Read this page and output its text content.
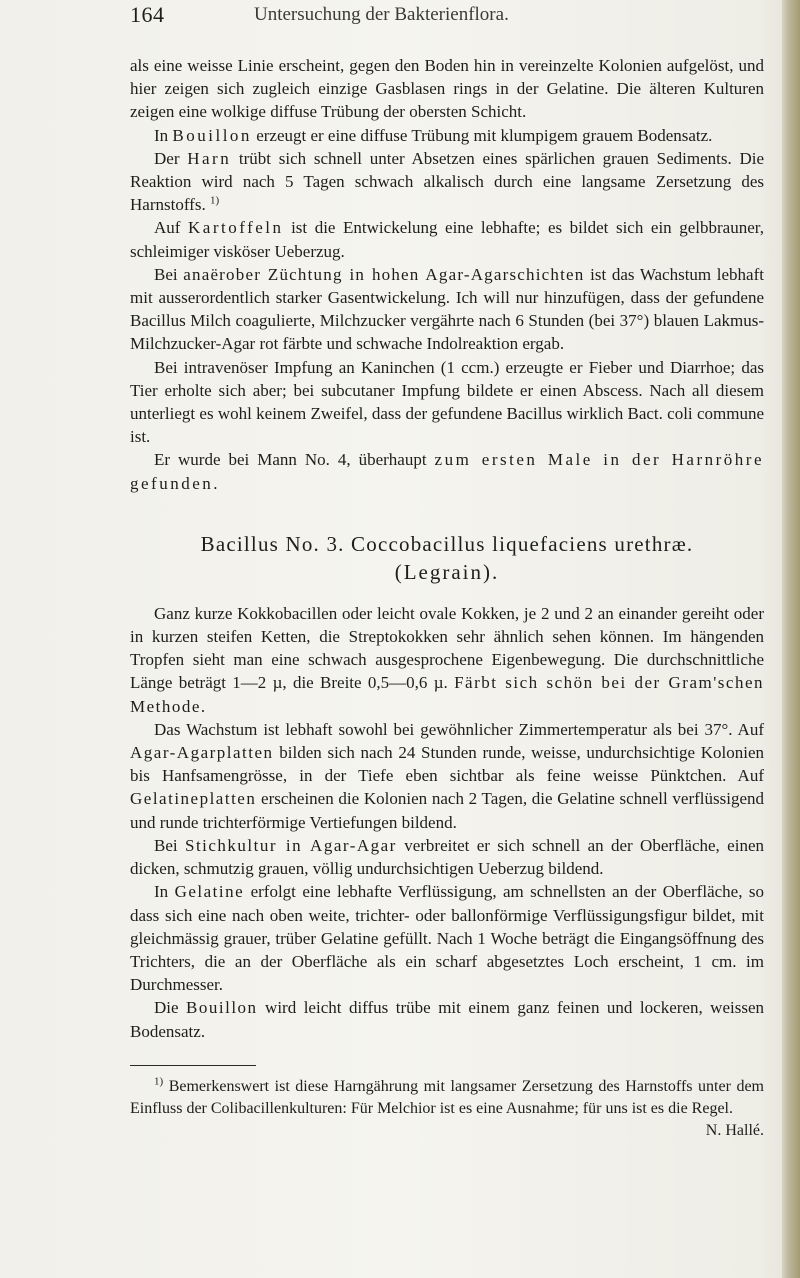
164	Untersuchung der Bakterienflora.

als eine weisse Linie erscheint, gegen den Boden hin in vereinzelte Kolonien aufgelöst, und hier zeigen sich zugleich einzige Gasblasen rings in der Gelatine. Die älteren Kulturen zeigen eine wolkige diffuse Trübung der obersten Schicht.

In Bouillon erzeugt er eine diffuse Trübung mit klumpigem grauem Bodensatz.

Der Harn trübt sich schnell unter Absetzen eines spärlichen grauen Sediments. Die Reaktion wird nach 5 Tagen schwach alkalisch durch eine langsame Zersetzung des Harnstoffs. $^{1)}$

Auf Kartoffeln ist die Entwickelung eine lebhafte; es bildet sich ein gelbbrauner, schleimiger visköser Ueberzug.

Bei anaërober Züchtung in hohen Agar-Agarschichten ist das Wachstum lebhaft mit ausserordentlich starker Gasentwickelung. Ich will nur hinzufügen, dass der gefundene Bacillus Milch coagulierte, Milchzucker vergährte nach 6 Stunden (bei 37°) blauen Lakmus-Milchzucker-Agar rot färbte und schwache Indolreaktion ergab.

Bei intravenöser Impfung an Kaninchen (1 ccm.) erzeugte er Fieber und Diarrhoe; das Tier erholte sich aber; bei subcutaner Impfung bildete er einen Abscess. Nach all diesem unterliegt es wohl keinem Zweifel, dass der gefundene Bacillus wirklich Bact. coli commune ist.

Er wurde bei Mann No. 4, überhaupt zum ersten Male in der Harnröhre gefunden.

Bacillus No. 3. Coccobacillus liquefaciens urethræ.
(Legrain).

Ganz kurze Kokkobacillen oder leicht ovale Kokken, je 2 und 2 an einander gereiht oder in kurzen steifen Ketten, die Streptokokken sehr ähnlich sehen können. Im hängenden Tropfen sieht man eine schwach ausgesprochene Eigenbewegung. Die durchschnittliche Länge beträgt 1—2 µ, die Breite 0,5—0,6 µ. Färbt sich schön bei der Gram'schen Methode.

Das Wachstum ist lebhaft sowohl bei gewöhnlicher Zimmertemperatur als bei 37°. Auf Agar-Agarplatten bilden sich nach 24 Stunden runde, weisse, undurchsichtige Kolonien bis Hanfsamengrösse, in der Tiefe eben sichtbar als feine weisse Pünktchen. Auf Gelatineplatten erscheinen die Kolonien nach 2 Tagen, die Gelatine schnell verflüssigend und runde trichterförmige Vertiefungen bildend.

Bei Stichkultur in Agar-Agar verbreitet er sich schnell an der Oberfläche, einen dicken, schmutzig grauen, völlig undurchsichtigen Ueberzug bildend.

In Gelatine erfolgt eine lebhafte Verflüssigung, am schnellsten an der Oberfläche, so dass sich eine nach oben weite, trichter- oder ballonförmige Verflüssigungsfigur bildet, mit gleichmässig grauer, trüber Gelatine gefüllt. Nach 1 Woche beträgt die Eingangsöffnung des Trichters, die an der Oberfläche als ein scharf abgesetztes Loch erscheint, 1 cm. im Durchmesser.

Die Bouillon wird leicht diffus trübe mit einem ganz feinen und lockeren, weissen Bodensatz.

$^{1)}$ Bemerkenswert ist diese Harngährung mit langsamer Zersetzung des Harnstoffs unter dem Einfluss der Colibacillenkulturen: Für Melchior ist es eine Ausnahme; für uns ist es die Regel.
N. Hallé.
